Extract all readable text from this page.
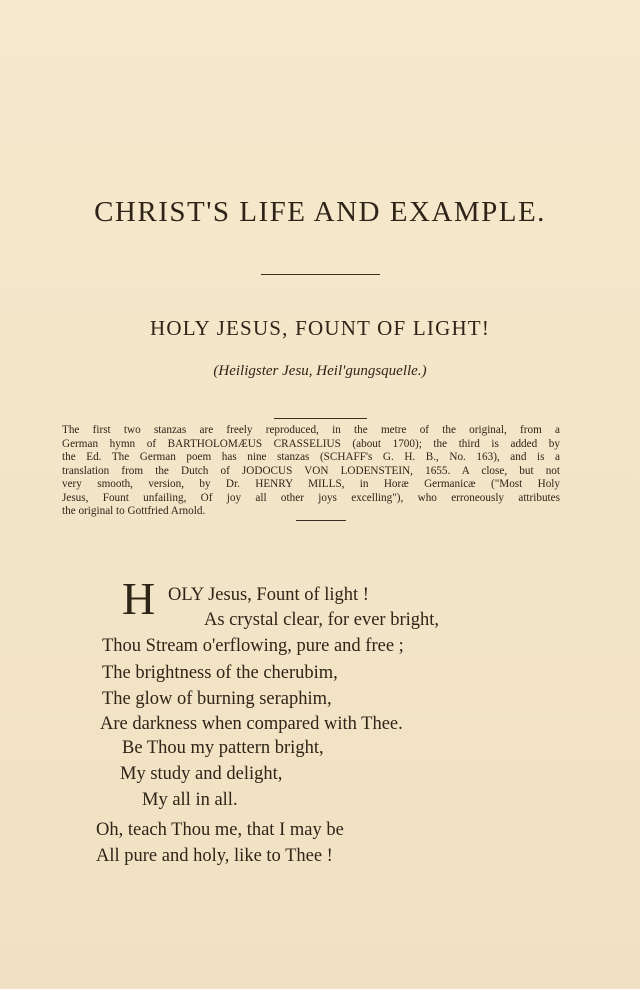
CHRIST'S LIFE AND EXAMPLE.
HOLY JESUS, FOUNT OF LIGHT!
(Heiligster Jesu, Heil'gungsquelle.)
The first two stanzas are freely reproduced, in the metre of the original, from a
German hymn of BARTHOLOMÆUS CRASSELIUS (about 1700); the third is added by
the Ed. The German poem has nine stanzas (SCHAFF's G. H. B., No. 163), and is a
translation from the Dutch of JODOCUS VON LODENSTEIN, 1655. A close, but not
very smooth, version, by Dr. HENRY MILLS, in Horæ Germanicæ ("Most Holy
Jesus, Fount unfailing, Of joy all other joys excelling"), who erroneously attributes
the original to Gottfried Arnold.
H OLY Jesus, Fount of light !
As crystal clear, for ever bright,
Thou Stream o'erflowing, pure and free ;
The brightness of the cherubim,
The glow of burning seraphim,
Are darkness when compared with Thee.
Be Thou my pattern bright,
My study and delight,
My all in all.
Oh, teach Thou me, that I may be
All pure and holy, like to Thee !
